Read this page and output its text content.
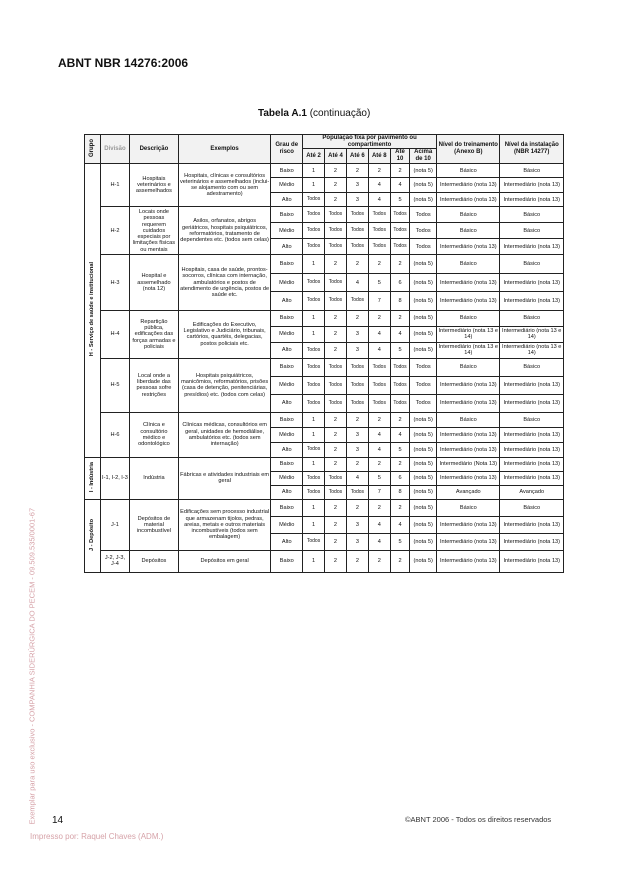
ABNT NBR 14276:2006
Tabela A.1 (continuação)
Exemplar para uso exclusivo - COMPANHIA SIDERÚRGICA DO PECEM - 09.509.535/0001-67
Grupo	Divisão	Descrição	Exemplos	Grau de risco	População fixa por pavimento ou compartimento						Nível do treinamento (Anexo B)	Nível da instalação (NBR 14277)
					Até 2	Até 4	Até 6	Até 8	Até 10	Acima de 10		
H - Serviço de saúde e institucional	H-1	Hospitais veterinários e assemelhados	Hospitais, clínicas e consultórios veterinários e assemelhados (inclui-se alojamento com ou sem adestramento)	Baixo	1	2	2	2	2	(nota 5)	Básico	Básico
				Médio	1	2	3	4	4	(nota 5)	Intermediário (nota 13)	Intermediário (nota 13)
				Alto	Todos	2	3	4	5	(nota 5)	Intermediário (nota 13)	Intermediário (nota 13)
	H-2	Locais onde pessoas requerem cuidados especiais por limitações físicas ou mentais	Asilos, orfanatos, abrigos geriátricos, hospitais psiquiátricos, reformatórios, tratamento de dependentes etc. (todos sem celas)	Baixo	Todos	Todos	Todos	Todos	Todos	Todos	Básico	Básico
				Médio	Todos	Todos	Todos	Todos	Todos	Todos	Básico	Básico
				Alto	Todos	Todos	Todos	Todos	Todos	Todos	Intermediário (nota 13)	Intermediário (nota 13)
	H-3	Hospital e assemelhado (nota 12)	Hospitais, casa de saúde, prontos-socorros, clínicas com internação, ambulatórios e postos de atendimento de urgência, postos de saúde etc.	Baixo	1	2	2	2	2	(nota 5)	Básico	Básico
				Médio	Todos	Todos	4	5	6	(nota 5)	Intermediário (nota 13)	Intermediário (nota 13)
				Alto	Todos	Todos	Todos	7	8	(nota 5)	Intermediário (nota 13)	Intermediário (nota 13)
	H-4	Repartição pública, edificações das forças armadas e policiais	Edificações do Executivo, Legislativo e Judiciário, tribunais, cartórios, quartéis, delegacias, postos policiais etc.	Baixo	1	2	2	2	2	(nota 5)	Básico	Básico
				Médio	1	2	3	4	4	(nota 5)	Intermediário (nota 13 e 14)	Intermediário (nota 13 e 14)
				Alto	Todos	2	3	4	5	(nota 5)	Intermediário (nota 13 e 14)	Intermediário (nota 13 e 14)
	H-5	Local onde a liberdade das pessoas sofre restrições	Hospitais psiquiátricos, manicômios, reformatórios, prisões (casa de detenção, penitenciárias, presídios) etc. (todos com celas)	Baixo	Todos	Todos	Todos	Todos	Todos	Todos	Básico	Básico
				Médio	Todos	Todos	Todos	Todos	Todos	Todos	Intermediário (nota 13)	Intermediário (nota 13)
				Alto	Todos	Todos	Todos	Todos	Todos	Todos	Intermediário (nota 13)	Intermediário (nota 13)
	H-6	Clínica e consultório médico e odontológico	Clínicas médicas, consultórios em geral, unidades de hemodiálise, ambulatórios etc. (todos sem internação)	Baixo	1	2	2	2	2	(nota 5)	Básico	Básico
				Médio	1	2	3	4	4	(nota 5)	Intermediário (nota 13)	Intermediário (nota 13)
				Alto	Todos	2	3	4	5	(nota 5)	Intermediário (nota 13)	Intermediário (nota 13)
I - Indústria	I-1, I-2, I-3	Indústria	Fábricas e atividades industriais em geral	Baixo	1	2	2	2	2	(nota 5)	Intermediário (Nota 13)	Intermediário (nota 13)
				Médio	Todos	Todos	4	5	6	(nota 5)	Intermediário (nota 13)	Intermediário (nota 13)
				Alto	Todos	Todos	Todos	7	8	(nota 5)	Avançado	Avançado
J - Depósito	J-1	Depósitos de material incombustível	Edificações sem processo industrial que armazenam tijolos, pedras, areias, metais e outros materiais incombustíveis (todos sem embalagem)	Baixo	1	2	2	2	2	(nota 5)	Básico	Básico
				Médio	1	2	3	4	4	(nota 5)	Intermediário (nota 13)	Intermediário (nota 13)
				Alto	Todos	2	3	4	5	(nota 5)	Intermediário (nota 13)	Intermediário (nota 13)
	J-2, J-3, J-4	Depósitos	Depósitos em geral	Baixo	1	2	2	2	2	(nota 5)	Intermediário (nota 13)	Intermediário (nota 13)
14	©ABNT 2006 - Todos os direitos reservados
Impresso por: Raquel Chaves (ADM.)
